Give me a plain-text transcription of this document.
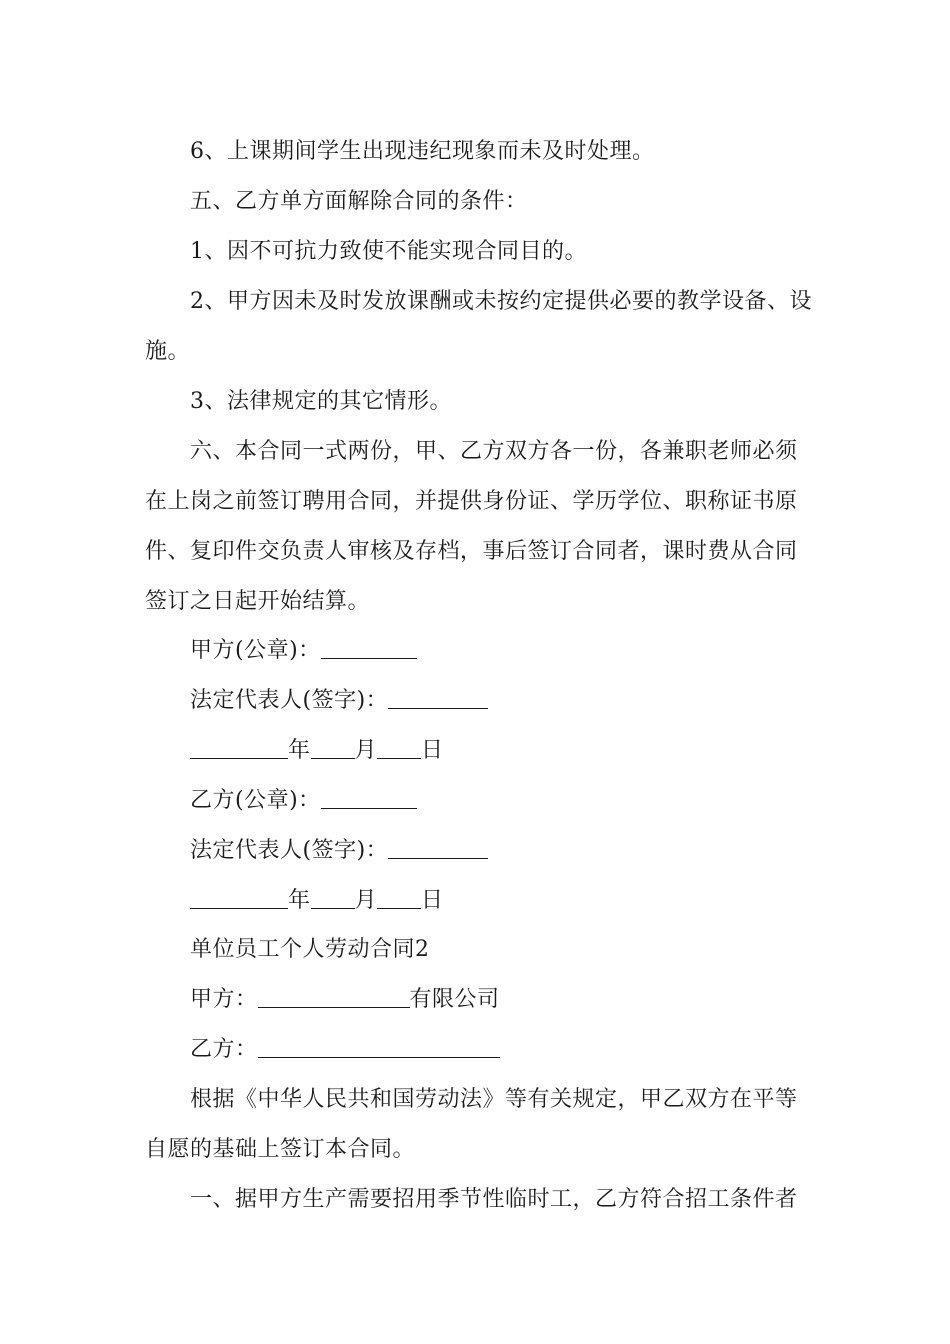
6、上课期间学生出现违纪现象而未及时处理。
五、乙方单方面解除合同的条件：
1、因不可抗力致使不能实现合同目的。
2、甲方因未及时发放课酬或未按约定提供必要的教学设备、设
施。
3、法律规定的其它情形。
六、本合同一式两份，甲、乙方双方各一份，各兼职老师必须
在上岗之前签订聘用合同，并提供身份证、学历学位、职称证书原
件、复印件交负责人审核及存档，事后签订合同者，课时费从合同
签订之日起开始结算。
甲方(公章)：
法定代表人(签字)：
年 月 日
乙方(公章)：
法定代表人(签字)：
年 月 日
单位员工个人劳动合同2
甲方：	有限公司
乙方：
根据《中华人民共和国劳动法》等有关规定，甲乙双方在平等
自愿的基础上签订本合同。
一、据甲方生产需要招用季节性临时工，乙方符合招工条件者
